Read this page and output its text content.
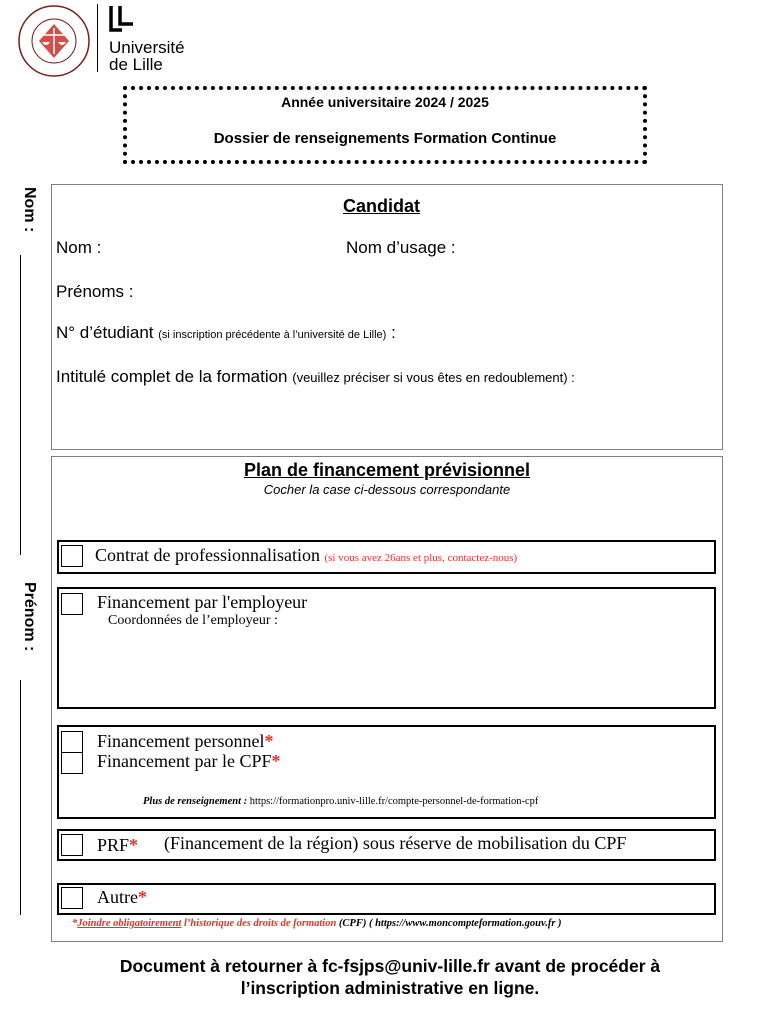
Université
de Lille
Année universitaire 2024 / 2025
Dossier de renseignements Formation Continue
Nom :
Prénom :
Candidat
Nom :	Nom d’usage :
Prénoms :
N° d’étudiant (si inscription précédente à l’université de Lille) :
Intitulé complet de la formation (veuillez préciser si vous êtes en redoublement) :
Plan de financement prévisionnel
Cocher la case ci-dessous correspondante
Contrat de professionnalisation (si vous avez 26ans et plus, contactez-nous)
Financement par l'employeur
Coordonnées de l’employeur :
Financement personnel*
Financement par le CPF*
Plus de renseignement : https://formationpro.univ-lille.fr/compte-personnel-de-formation-cpf
PRF* (Financement de la région) sous réserve de mobilisation du CPF
Autre*
*Joindre obligatoirement l’historique des droits de formation (CPF) ( https://www.moncompteformation.gouv.fr )
Document à retourner à fc-fsjps@univ-lille.fr avant de procéder à
l’inscription administrative en ligne.
